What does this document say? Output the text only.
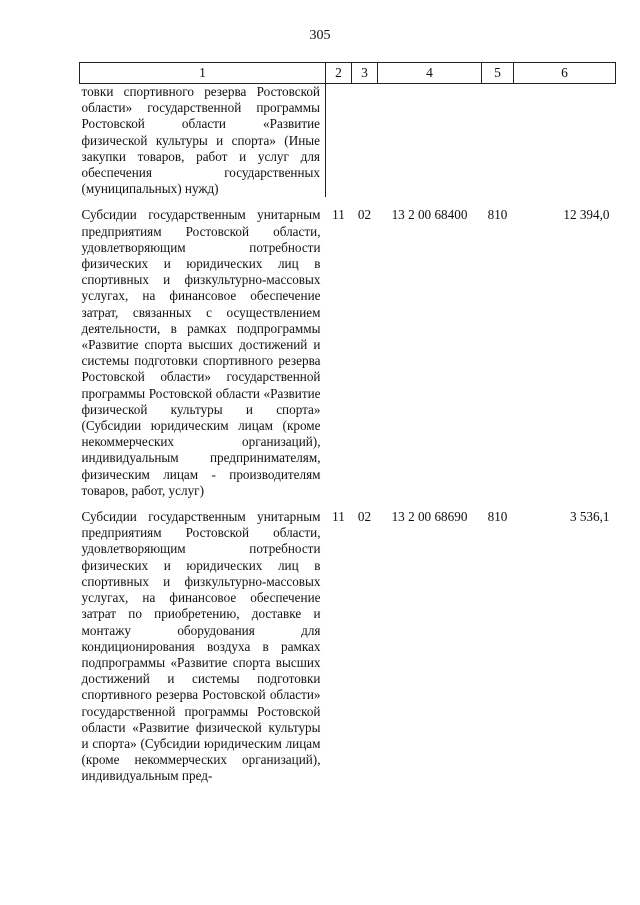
305
1	2	3	4	5	6
товки спортивного резерва Ростовской области» государственной программы Ростовской области «Развитие физической культуры и спорта» (Иные закупки товаров, работ и услуг для обеспечения государственных (муниципальных) нужд)					
Субсидии государственным унитарным предприятиям Ростовской области, удовлетворяющим потребности физических и юридических лиц в спортивных и физкультурно-массовых услугах, на финансовое обеспечение затрат, связанных с осуществлением деятельности, в рамках подпрограммы «Развитие спорта высших достижений и системы подготовки спортивного резерва Ростовской области» государственной программы Ростовской области «Развитие физической культуры и спорта» (Субсидии юридическим лицам (кроме некоммерческих организаций), индивидуальным предпринимателям, физическим лицам - производителям товаров, работ, услуг)	11	02	13 2 00 68400	810	12 394,0
Субсидии государственным унитарным предприятиям Ростовской области, удовлетворяющим потребности физических и юридических лиц в спортивных и физкультурно-массовых услугах, на финансовое обеспечение затрат по приобретению, доставке и монтажу оборудования для кондиционирования воздуха в рамках подпрограммы «Развитие спорта высших достижений и системы подготовки спортивного резерва Ростовской области» государственной программы Ростовской области «Развитие физической культуры и спорта» (Субсидии юридическим лицам (кроме некоммерческих организаций), индивидуальным пред-	11	02	13 2 00 68690	810	3 536,1
